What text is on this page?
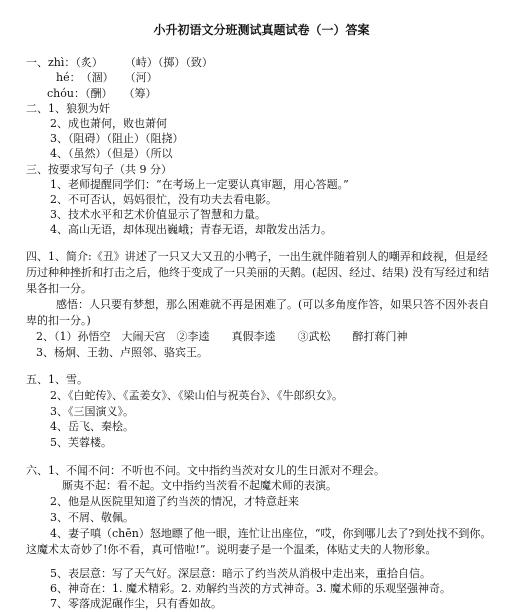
小升初语文分班测试真题试卷（一）答案
一、zhì：（炙）　　　（峙）（掷）（致）
hé：　（涸）　　（河）
chóu：（酬）　　（筹）
二、1、狼狈为奸
2、成也萧何，败也萧何
3、（阻碍）（阻止）（阻挠）
4、（虽然）（但是）（所以
三、按要求写句子（共 9 分）
1、老师提醒同学们：“在考场上一定要认真审题，用心答题。”
2、不可否认，妈妈很忙，没有功夫去看电影。
3、技术水平和艺术价值显示了智慧和力量。
4、高山无语，却体现出巍峨；青春无语，却散发出活力。
四、1、简介:《丑》讲述了一只又大又丑的小鸭子，一出生就伴随着别人的嘲弄和歧视，但是经历过种种挫折和打击之后，他终于变成了一只美丽的天鹅。(起因、经过、结果) 没有写经过和结果各扣一分。
感悟：人只要有梦想，那么困难就不再是困难了。(可以多角度作答，如果只答不因外表自卑的扣一分。)
2、（1）孙悟空　大闹天宫　②李逵　　真假李逵　　③武松　　醉打蒋门神
3、杨炯、王勃、卢照邻、骆宾王。
五、1、雪。
2、《白蛇传》、《孟姜女》、《梁山伯与祝英台》、《牛郎织女》。
3、《三国演义》。
4、岳飞、秦桧。
5、芙蓉楼。
六、1、不闻不问：不听也不问。文中指约当茨对女儿的生日派对不理会。
厮夷不起：看不起。文中指约当茨看不起魔术师的表演。
2、他是从医院里知道了约当茨的情况，才特意赶来
3、不屑、敬佩。
4、妻子嗔（chēn）怒地瞟了他一眼，连忙让出座位，“哎，你到哪儿去了?到处找不到你。这魔术太奇妙了!你不看，真可惜啦!”。说明妻子是一个温柔，体贴丈夫的人物形象。
5、表层意：写了天气好。深层意：暗示了约当茨从消极中走出来，重拾自信。
6、神奇在：1. 魔术精彩。2. 劝解约当茨的方式神奇。3. 魔术师的乐观坚强神奇。
7、零落成泥碾作尘，只有香如故。
